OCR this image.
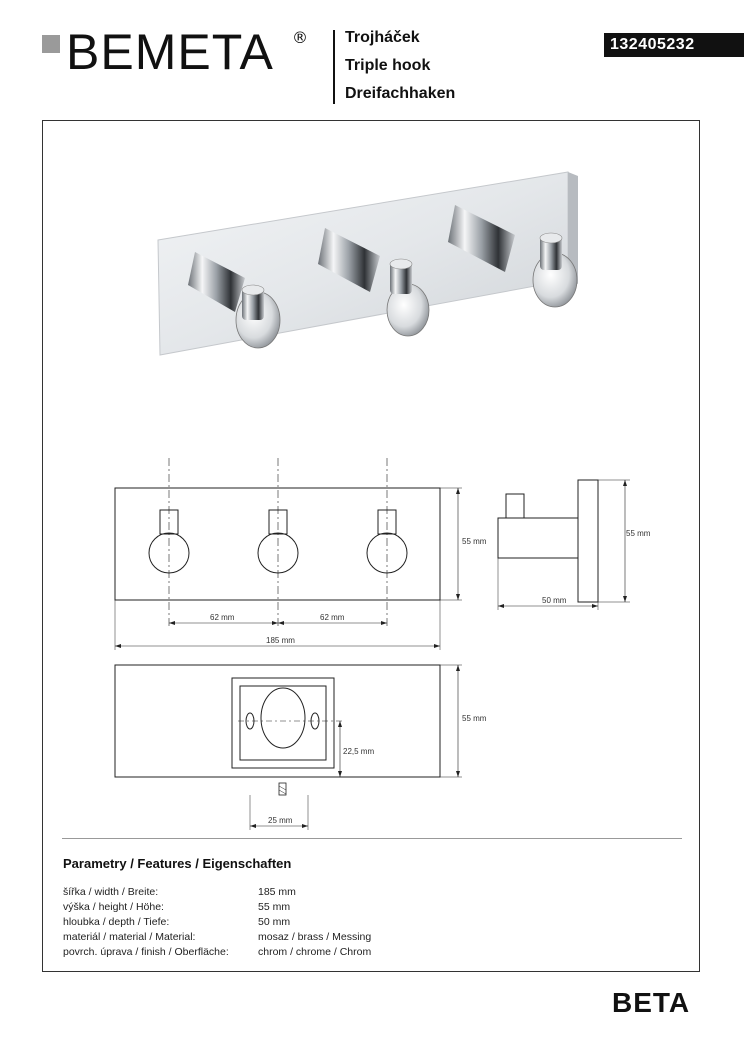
BEMETA ® Trojháček
Triple hook
Dreifachhaken
132405232
55 mm
62 mm	62 mm
185 mm
55 mm
50 mm
55 mm
22,5 mm
25 mm
Parametry / Features / Eigenschaften
šířka / width / Breite:	185 mm
výška / height / Höhe:	55 mm
hloubka / depth / Tiefe:	50 mm
materiál / material / Material:	mosaz / brass / Messing
povrch. úprava / finish / Oberfläche:	chrom / chrome / Chrom
BETA
